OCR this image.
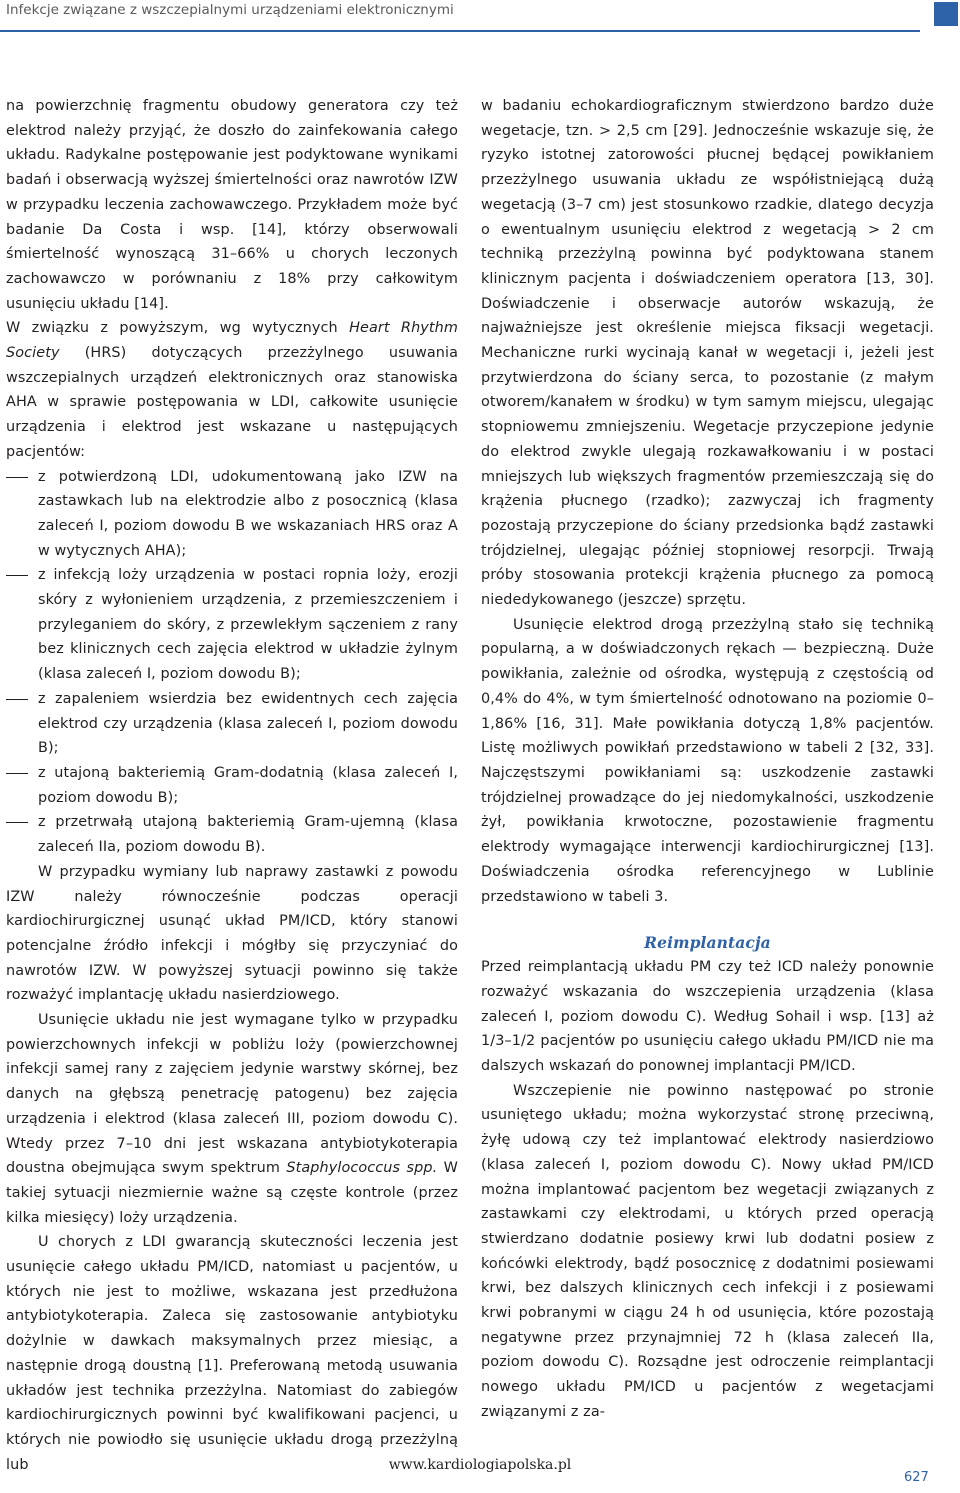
Infekcje związane z wszczepialnymi urządzeniami elektronicznymi

na powierzchnię fragmentu obudowy generatora czy też elektrod należy przyjąć, że doszło do zainfekowania całego układu. Radykalne postępowanie jest podyktowane wynikami badań i obserwacją wyższej śmiertelności oraz nawrotów IZW w przypadku leczenia zachowawczego. Przykładem może być badanie Da Costa i wsp. [14], którzy obserwowali śmiertelność wynoszącą 31–66% u chorych leczonych zachowawczo w porównaniu z 18% przy całkowitym usunięciu układu [14].

W związku z powyższym, wg wytycznych Heart Rhythm Society (HRS) dotyczących przezżylnego usuwania wszczepialnych urządzeń elektronicznych oraz stanowiska AHA w sprawie postępowania w LDI, całkowite usunięcie urządzenia i elektrod jest wskazane u następujących pacjentów:

z potwierdzoną LDI, udokumentowaną jako IZW na zastawkach lub na elektrodzie albo z posocznicą (klasa zaleceń I, poziom dowodu B we wskazaniach HRS oraz A w wytycznych AHA);
z infekcją loży urządzenia w postaci ropnia loży, erozji skóry z wyłonieniem urządzenia, z przemieszczeniem i przyleganiem do skóry, z przewlekłym sączeniem z rany bez klinicznych cech zajęcia elektrod w układzie żylnym (klasa zaleceń I, poziom dowodu B);
z zapaleniem wsierdzia bez ewidentnych cech zajęcia elektrod czy urządzenia (klasa zaleceń I, poziom dowodu B);
z utajoną bakteriemią Gram-dodatnią (klasa zaleceń I, poziom dowodu B);
z przetrwałą utajoną bakteriemią Gram-ujemną (klasa zaleceń IIa, poziom dowodu B).

W przypadku wymiany lub naprawy zastawki z powodu IZW należy równocześnie podczas operacji kardiochirurgicznej usunąć układ PM/ICD, który stanowi potencjalne źródło infekcji i mógłby się przyczyniać do nawrotów IZW. W powyższej sytuacji powinno się także rozważyć implantację układu nasierdziowego.

Usunięcie układu nie jest wymagane tylko w przypadku powierzchownych infekcji w pobliżu loży (powierzchownej infekcji samej rany z zajęciem jedynie warstwy skórnej, bez danych na głębszą penetrację patogenu) bez zajęcia urządzenia i elektrod (klasa zaleceń III, poziom dowodu C). Wtedy przez 7–10 dni jest wskazana antybiotykoterapia doustna obejmująca swym spektrum Staphylococcus spp. W takiej sytuacji niezmiernie ważne są częste kontrole (przez kilka miesięcy) loży urządzenia.

U chorych z LDI gwarancją skuteczności leczenia jest usunięcie całego układu PM/ICD, natomiast u pacjentów, u których nie jest to możliwe, wskazana jest przedłużona antybiotykoterapia. Zaleca się zastosowanie antybiotyku dożylnie w dawkach maksymalnych przez miesiąc, a następnie drogą doustną [1]. Preferowaną metodą usuwania układów jest technika przezżylna. Natomiast do zabiegów kardiochirurgicznych powinni być kwalifikowani pacjenci, u których nie powiodło się usunięcie układu drogą przezżylną lub

w badaniu echokardiograficznym stwierdzono bardzo duże wegetacje, tzn. > 2,5 cm [29]. Jednocześnie wskazuje się, że ryzyko istotnej zatorowości płucnej będącej powikłaniem przezżylnego usuwania układu ze współistniejącą dużą wegetacją (3–7 cm) jest stosunkowo rzadkie, dlatego decyzja o ewentualnym usunięciu elektrod z wegetacją > 2 cm techniką przezżylną powinna być podyktowana stanem klinicznym pacjenta i doświadczeniem operatora [13, 30]. Doświadczenie i obserwacje autorów wskazują, że najważniejsze jest określenie miejsca fiksacji wegetacji. Mechaniczne rurki wycinają kanał w wegetacji i, jeżeli jest przytwierdzona do ściany serca, to pozostanie (z małym otworem/kanałem w środku) w tym samym miejscu, ulegając stopniowemu zmniejszeniu. Wegetacje przyczepione jedynie do elektrod zwykle ulegają rozkawałkowaniu i w postaci mniejszych lub większych fragmentów przemieszczają się do krążenia płucnego (rzadko); zazwyczaj ich fragmenty pozostają przyczepione do ściany przedsionka bądź zastawki trójdzielnej, ulegając później stopniowej resorpcji. Trwają próby stosowania protekcji krążenia płucnego za pomocą niededykowanego (jeszcze) sprzętu.

Usunięcie elektrod drogą przezżylną stało się techniką popularną, a w doświadczonych rękach — bezpieczną. Duże powikłania, zależnie od ośrodka, występują z częstością od 0,4% do 4%, w tym śmiertelność odnotowano na poziomie 0–1,86% [16, 31]. Małe powikłania dotyczą 1,8% pacjentów. Listę możliwych powikłań przedstawiono w tabeli 2 [32, 33]. Najczęstszymi powikłaniami są: uszkodzenie zastawki trójdzielnej prowadzące do jej niedomykalności, uszkodzenie żył, powikłania krwotoczne, pozostawienie fragmentu elektrody wymagające interwencji kardiochirurgicznej [13]. Doświadczenia ośrodka referencyjnego w Lublinie przedstawiono w tabeli 3.

Reimplantacja

Przed reimplantacją układu PM czy też ICD należy ponownie rozważyć wskazania do wszczepienia urządzenia (klasa zaleceń I, poziom dowodu C). Według Sohail i wsp. [13] aż 1/3–1/2 pacjentów po usunięciu całego układu PM/ICD nie ma dalszych wskazań do ponownej implantacji PM/ICD.

Wszczepienie nie powinno następować po stronie usuniętego układu; można wykorzystać stronę przeciwną, żyłę udową czy też implantować elektrody nasierdziowo (klasa zaleceń I, poziom dowodu C). Nowy układ PM/ICD można implantować pacjentom bez wegetacji związanych z zastawkami czy elektrodami, u których przed operacją stwierdzano dodatnie posiewy krwi lub dodatni posiew z końcówki elektrody, bądź posocznicę z dodatnimi posiewami krwi, bez dalszych klinicznych cech infekcji i z posiewami krwi pobranymi w ciągu 24 h od usunięcia, które pozostają negatywne przez przynajmniej 72 h (klasa zaleceń IIa, poziom dowodu C). Rozsądne jest odroczenie reimplantacji nowego układu PM/ICD u pacjentów z wegetacjami związanymi z za-

www.kardiologiapolska.pl
627
